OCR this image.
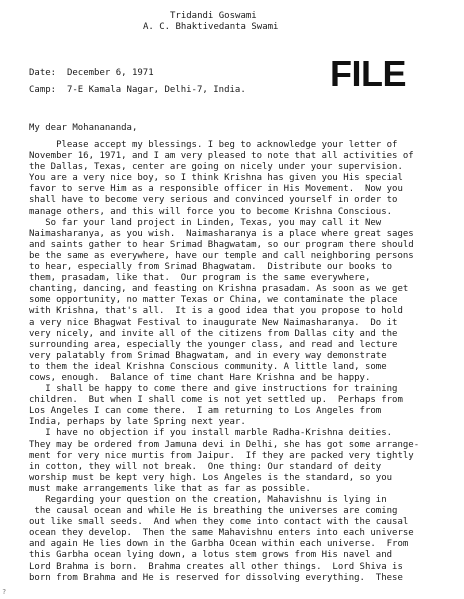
Tridandi Goswami
A. C. Bhaktivedanta Swami
Date: December 6, 1971
Camp: 7-E Kamala Nagar, Delhi-7, India. FILE
My dear Mohanananda,
Please accept my blessings. I beg to acknowledge your letter of
November 16, 1971, and I am very pleased to note that all activities of
the Dallas, Texas, center are going on nicely under your supervision.
You are a very nice boy, so I think Krishna has given you His special
favor to serve Him as a responsible officer in His Movement.  Now you
shall have to become very serious and convinced yourself in order to
manage others, and this will force you to become Krishna Conscious.
So far your land project in Linden, Texas, you may call it New
Naimasharanya, as you wish.  Naimasharanya is a place where great sages
and saints gather to hear Srimad Bhagwatam, so our program there should
be the same as everywhere, have our temple and call neighboring persons
to hear, especially from Srimad Bhagwatam.  Distribute our books to
them, prasadam, like that.  Our program is the same everywhere,
chanting, dancing, and feasting on Krishna prasadam. As soon as we get
some opportunity, no matter Texas or China, we contaminate the place
with Krishna, that's all.  It is a good idea that you propose to hold
a very nice Bhagwat Festival to inaugurate New Naimasharanya.  Do it
very nicely, and invite all of the citizens from Dallas city and the
surrounding area, especially the younger class, and read and lecture
very palatably from Srimad Bhagwatam, and in every way demonstrate
to them the ideal Krishna Conscious community. A little land, some
cows, enough.  Balance of time chant Hare Krishna and be happy.
I shall be happy to come there and give instructions for training
children.  But when I shall come is not yet settled up.  Perhaps from
Los Angeles I can come there.  I am returning to Los Angeles from
India, perhaps by late Spring next year.
I have no objection if you install marble Radha-Krishna deities.
They may be ordered from Jamuna devi in Delhi, she has got some arrange-
ment for very nice murtis from Jaipur.  If they are packed very tightly
in cotton, they will not break.  One thing: Our standard of deity
worship must be kept very high. Los Angeles is the standard, so you
must make arrangements like that as far as possible.
Regarding your question on the creation, Mahavishnu is lying in
the causal ocean and while He is breathing the universes are coming
out like small seeds.  And when they come into contact with the causal
ocean they develop.  Then the same Mahavishnu enters into each universe
and again He lies down in the Garbha Ocean within each universe.  From
this Garbha ocean lying down, a lotus stem grows from His navel and
Lord Brahma is born.  Brahma creates all other things.  Lord Shiva is
born from Brahma and He is reserved for dissolving everything.  These
?
